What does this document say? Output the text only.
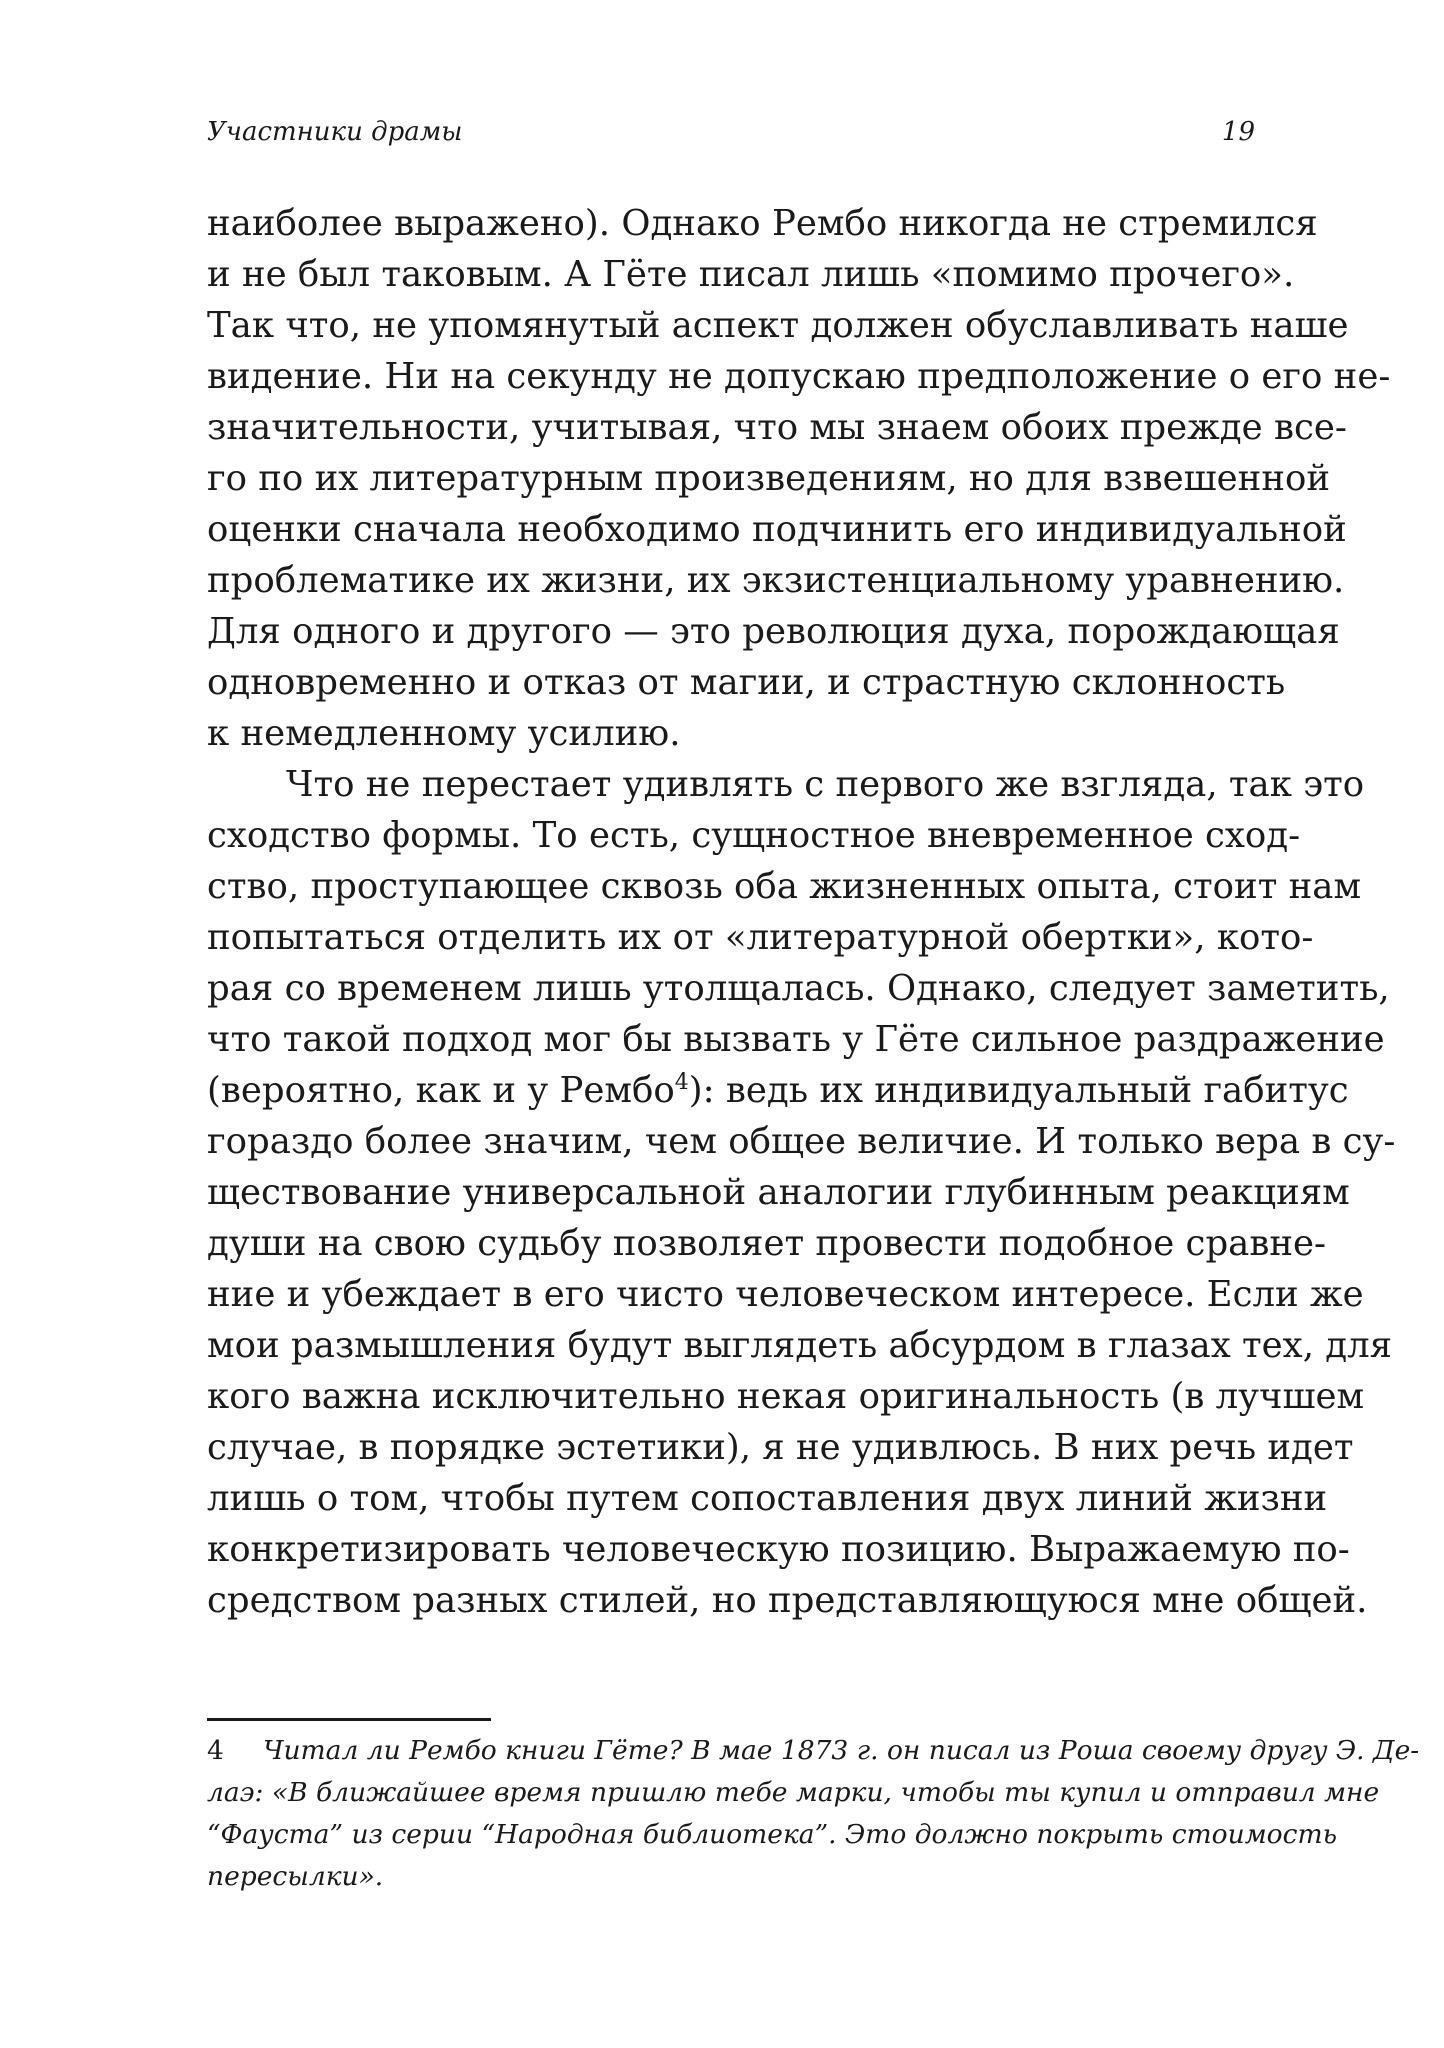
Участники драмы	19
наиболее выражено). Однако Рембо никогда не стремился
и не был таковым. А Гёте писал лишь «помимо прочего».
Так что, не упомянутый аспект должен обуславливать наше
видение. Ни на секунду не допускаю предположение о его не-
значительности, учитывая, что мы знаем обоих прежде все-
го по их литературным произведениям, но для взвешенной
оценки сначала необходимо подчинить его индивидуальной
проблематике их жизни, их экзистенциальному уравнению.
Для одного и другого — это революция духа, порождающая
одновременно и отказ от магии, и страстную склонность
к немедленному усилию.
Что не перестает удивлять с первого же взгляда, так это
сходство формы. То есть, сущностное вневременное сход-
ство, проступающее сквозь оба жизненных опыта, стоит нам
попытаться отделить их от «литературной обертки», кото-
рая со временем лишь утолщалась. Однако, следует заметить,
что такой подход мог бы вызвать у Гёте сильное раздражение
(вероятно, как и у Рембо$^4$): ведь их индивидуальный габитус
гораздо более значим, чем общее величие. И только вера в су-
ществование универсальной аналогии глубинным реакциям
души на свою судьбу позволяет провести подобное сравне-
ние и убеждает в его чисто человеческом интересе. Если же
мои размышления будут выглядеть абсурдом в глазах тех, для
кого важна исключительно некая оригинальность (в лучшем
случае, в порядке эстетики), я не удивлюсь. В них речь идет
лишь о том, чтобы путем сопоставления двух линий жизни
конкретизировать человеческую позицию. Выражаемую по-
средством разных стилей, но представляющуюся мне общей.
4 Читал ли Рембо книги Гёте? В мае 1873 г. он писал из Роша своему другу Э. Де-
лаэ: «В ближайшее время пришлю тебе марки, чтобы ты купил и отправил мне
“Фауста” из серии “Народная библиотека”. Это должно покрыть стоимость
пересылки».
